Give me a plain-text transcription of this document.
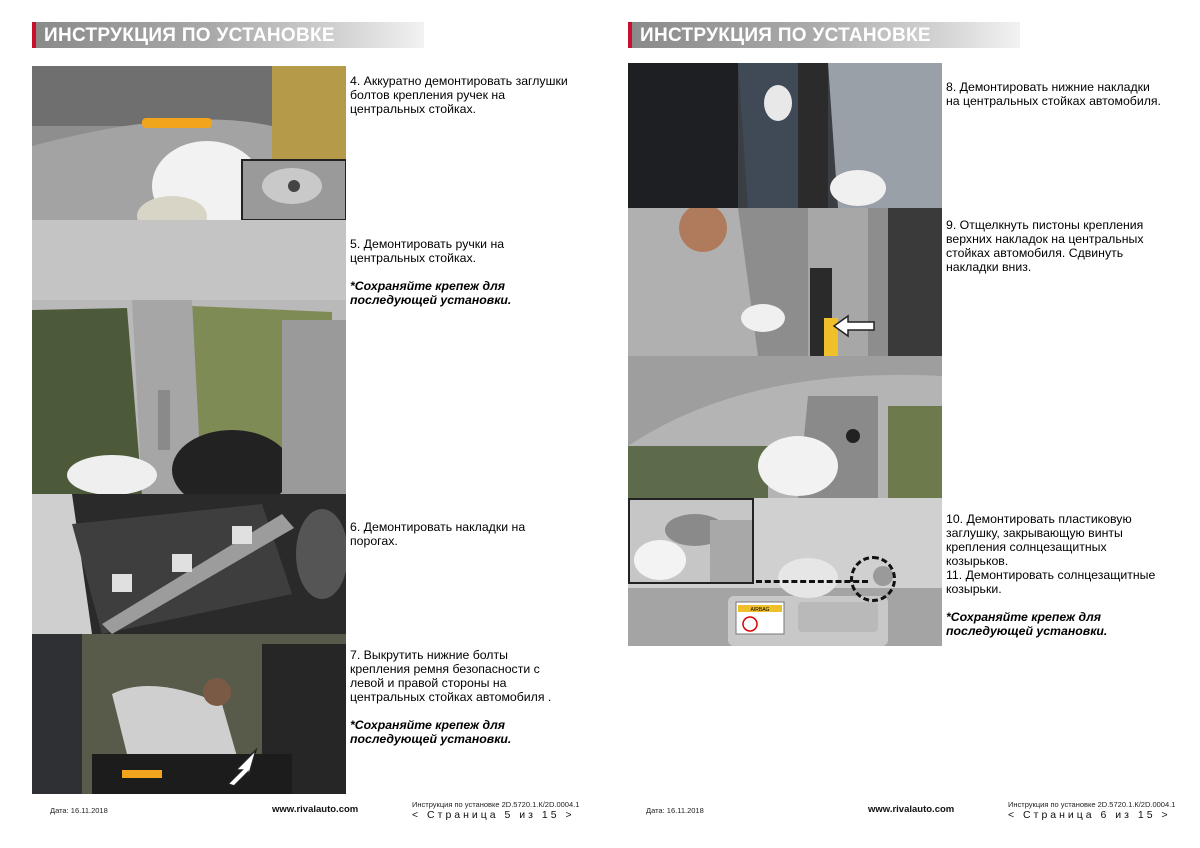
ИНСТРУКЦИЯ ПО УСТАНОВКЕ

4. Аккуратно демонтировать заглушки болтов крепления ручек на центральных стойках.

5. Демонтировать ручки на центральных стойках.

*Сохраняйте крепеж для последующей установки.

6. Демонтировать накладки на порогах.

7. Выкрутить нижние болты крепления ремня безопасности с левой и правой стороны на центральных стойках автомобиля .

*Сохраняйте крепеж для последующей установки.

Дата: 16.11.2018	www.rivalauto.com	Инструкция по установке 2D.5720.1.К/2D.0004.1
< Страница 5 из 15 >
ИНСТРУКЦИЯ ПО УСТАНОВКЕ
AIRBAG

8. Демонтировать нижние накладки на центральных стойках автомобиля.

9. Отщелкнуть пистоны крепления верхних накладок на центральных стойках автомобиля. Сдвинуть накладки вниз.

10. Демонтировать пластиковую заглушку, закрывающую винты крепления солнцезащитных козырьков.

11. Демонтировать солнцезащитные козырьки.

*Сохраняйте крепеж для последующей установки.

Дата: 16.11.2018	www.rivalauto.com	Инструкция по установке 2D.5720.1.К/2D.0004.1
< Страница 6 из 15 >
